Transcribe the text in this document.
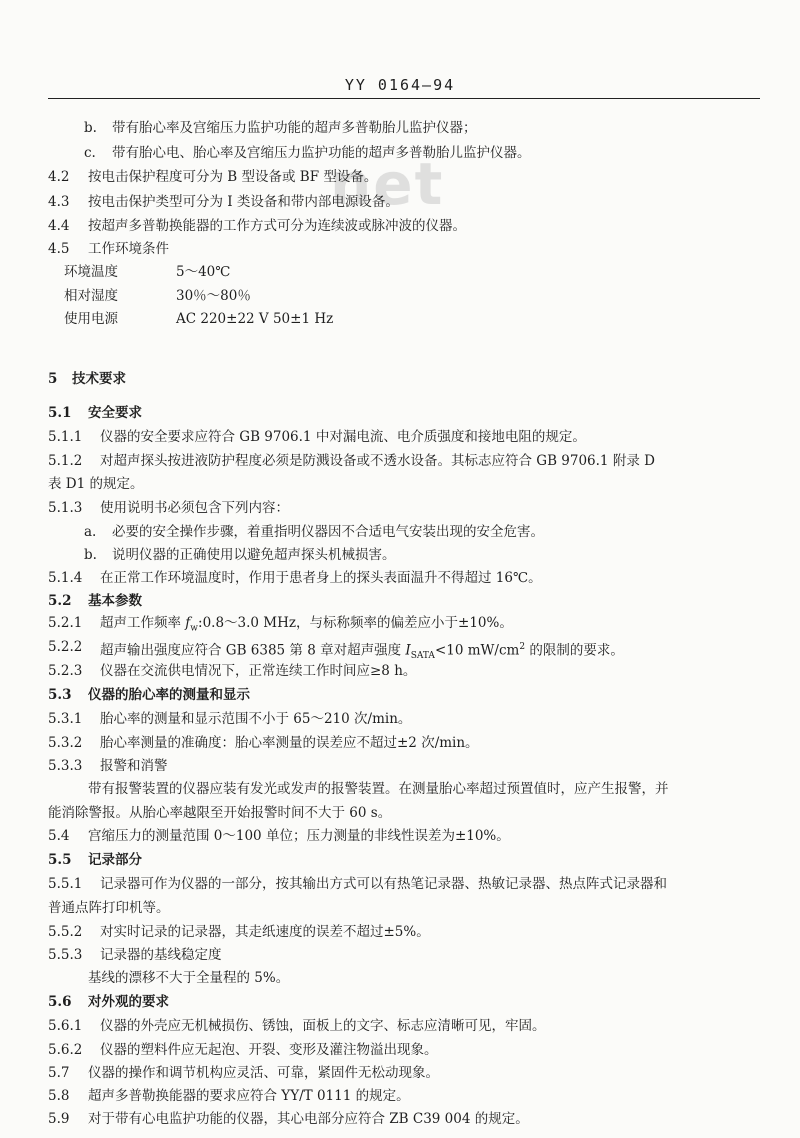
YY 0164—94
net
b. 带有胎心率及宫缩压力监护功能的超声多普勒胎儿监护仪器；
c. 带有胎心电、胎心率及宫缩压力监护功能的超声多普勒胎儿监护仪器。
4.2 按电击保护程度可分为 B 型设备或 BF 型设备。
4.3 按电击保护类型可分为 I 类设备和带内部电源设备。
4.4 按超声多普勒换能器的工作方式可分为连续波或脉冲波的仪器。
4.5 工作环境条件
环境温度	5～40℃
相对湿度	30％～80％
使用电源	AC 220±22 V 50±1 Hz
5 技术要求
5.1 安全要求
5.1.1 仪器的安全要求应符合 GB 9706.1 中对漏电流、电介质强度和接地电阻的规定。
5.1.2 对超声探头按进液防护程度必须是防溅设备或不透水设备。其标志应符合 GB 9706.1 附录 D
表 D1 的规定。
5.1.3 使用说明书必须包含下列内容：
a. 必要的安全操作步骤，着重指明仪器因不合适电气安装出现的安全危害。
b. 说明仪器的正确使用以避免超声探头机械损害。
5.1.4 在正常工作环境温度时，作用于患者身上的探头表面温升不得超过 16℃。
5.2 基本参数
5.2.1 超声工作频率 $f_w:0.8\sim 3.0$ MHz，与标称频率的偏差应小于±10%。
5.2.2 超声输出强度应符合 GB 6385 第 8 章对超声强度 $I_{SATA}<10$ $mW/cm^2$ 的限制的要求。
5.2.3 仪器在交流供电情况下，正常连续工作时间应≥8 h。
5.3 仪器的胎心率的测量和显示
5.3.1 胎心率的测量和显示范围不小于 65～210 次/min。
5.3.2 胎心率测量的准确度：胎心率测量的误差应不超过±2 次/min。
5.3.3 报警和消警
带有报警装置的仪器应装有发光或发声的报警装置。在测量胎心率超过预置值时，应产生报警，并
能消除警报。从胎心率越限至开始报警时间不大于 60 s。
5.4 宫缩压力的测量范围 0～100 单位；压力测量的非线性误差为±10%。
5.5 记录部分
5.5.1 记录器可作为仪器的一部分，按其输出方式可以有热笔记录器、热敏记录器、热点阵式记录器和
普通点阵打印机等。
5.5.2 对实时记录的记录器，其走纸速度的误差不超过±5%。
5.5.3 记录器的基线稳定度
基线的漂移不大于全量程的 5%。
5.6 对外观的要求
5.6.1 仪器的外壳应无机械损伤、锈蚀，面板上的文字、标志应清晰可见，牢固。
5.6.2 仪器的塑料件应无起泡、开裂、变形及灌注物溢出现象。
5.7 仪器的操作和调节机构应灵活、可靠，紧固件无松动现象。
5.8 超声多普勒换能器的要求应符合 YY/T 0111 的规定。
5.9 对于带有心电监护功能的仪器，其心电部分应符合 ZB C39 004 的规定。
